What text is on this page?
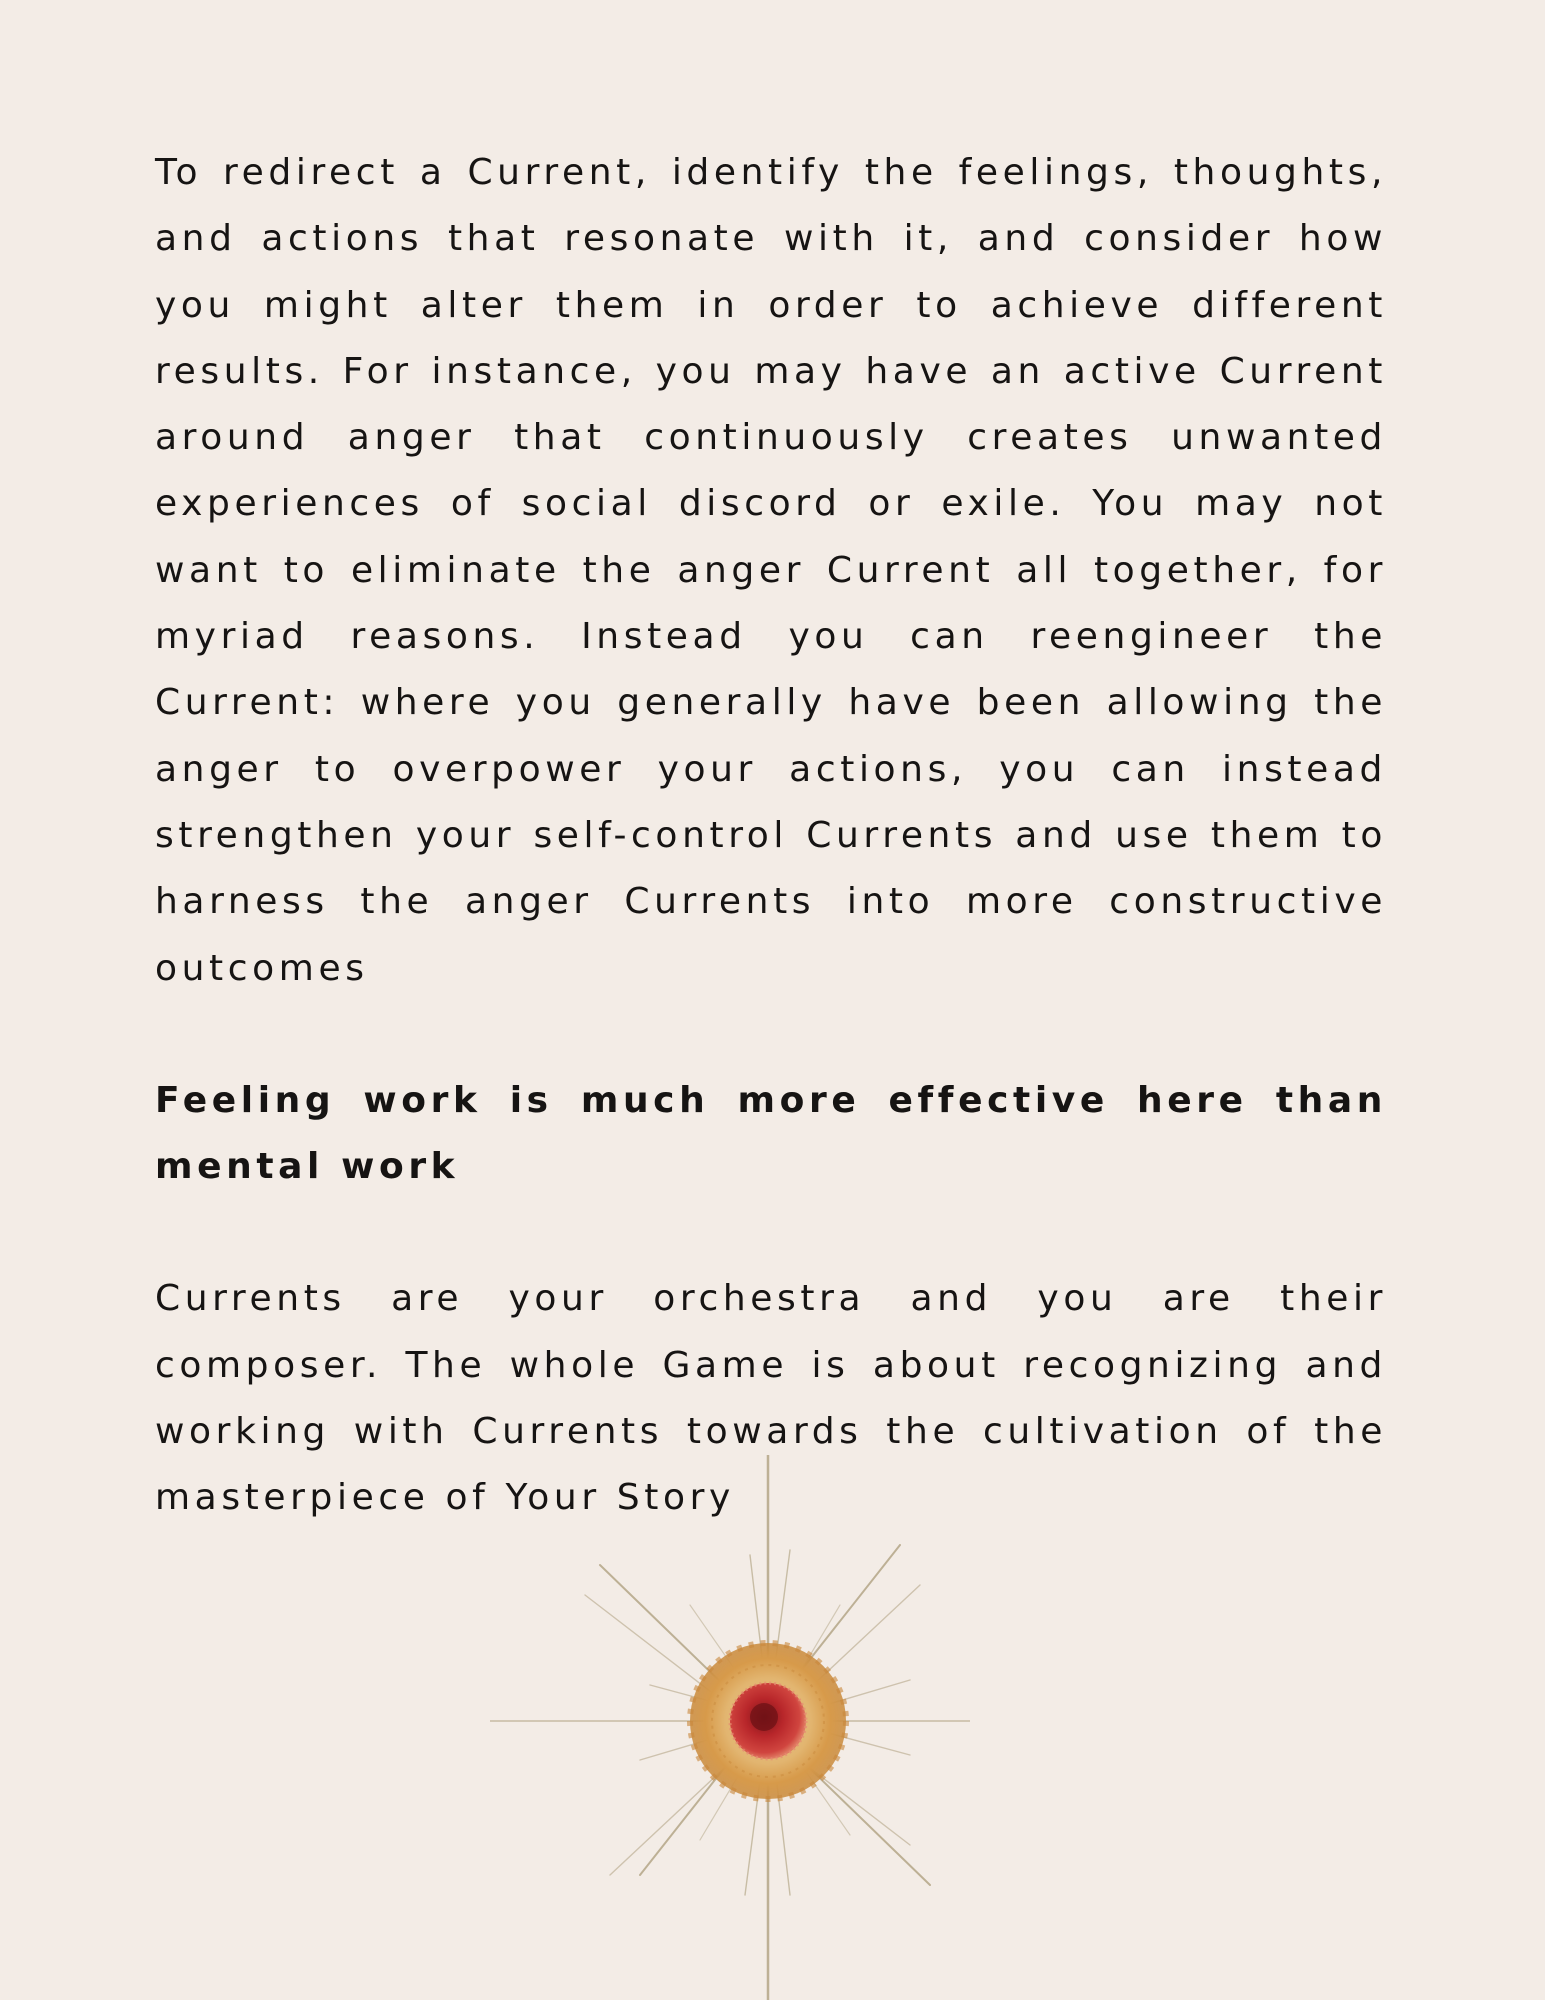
To redirect a Current, identify the feelings, thoughts, and actions that resonate with it, and consider how you might alter them in order to achieve different results. For instance, you may have an active Current around anger that continuously creates unwanted experiences of social discord or exile. You may not want to eliminate the anger Current all together, for myriad reasons. Instead you can reengineer the Current: where you generally have been allowing the anger to overpower your actions, you can instead strengthen your self-control Currents and use them to harness the anger Currents into more constructive outcomes

Feeling work is much more effective here than mental work

Currents are your orchestra and you are their composer. The whole Game is about recognizing and working with Currents towards the cultivation of the masterpiece of Your Story
